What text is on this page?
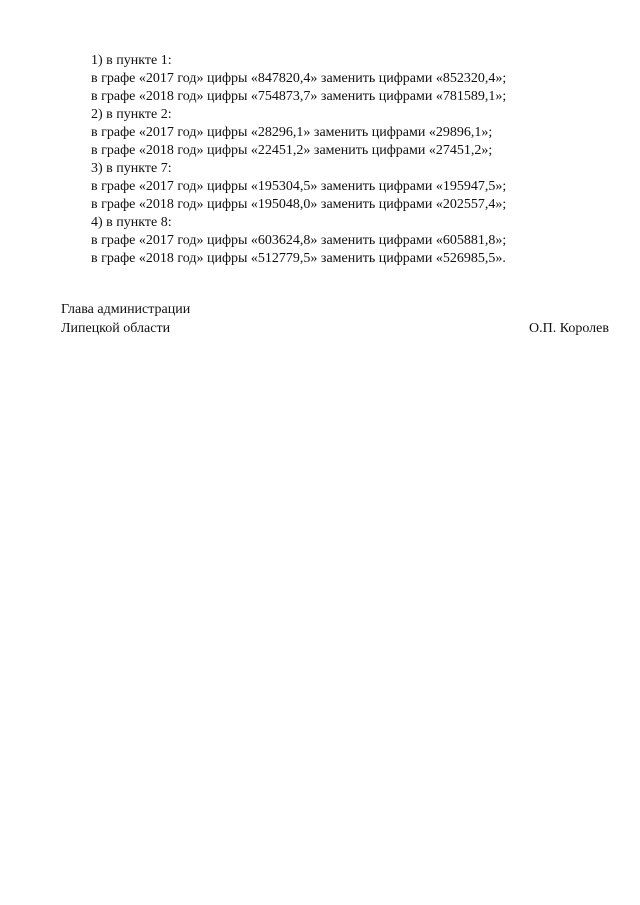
1) в пункте 1:
в графе «2017 год» цифры «847820,4» заменить цифрами «852320,4»;
в графе «2018 год» цифры «754873,7» заменить цифрами «781589,1»;
2) в пункте 2:
в графе «2017 год» цифры «28296,1» заменить цифрами «29896,1»;
в графе «2018 год» цифры «22451,2» заменить цифрами «27451,2»;
3) в пункте 7:
в графе «2017 год» цифры «195304,5» заменить цифрами «195947,5»;
в графе «2018 год» цифры «195048,0» заменить цифрами «202557,4»;
4) в пункте 8:
в графе «2017 год» цифры «603624,8» заменить цифрами «605881,8»;
в графе «2018 год» цифры «512779,5» заменить цифрами «526985,5».
Глава администрации
Липецкой области	О.П. Королев
